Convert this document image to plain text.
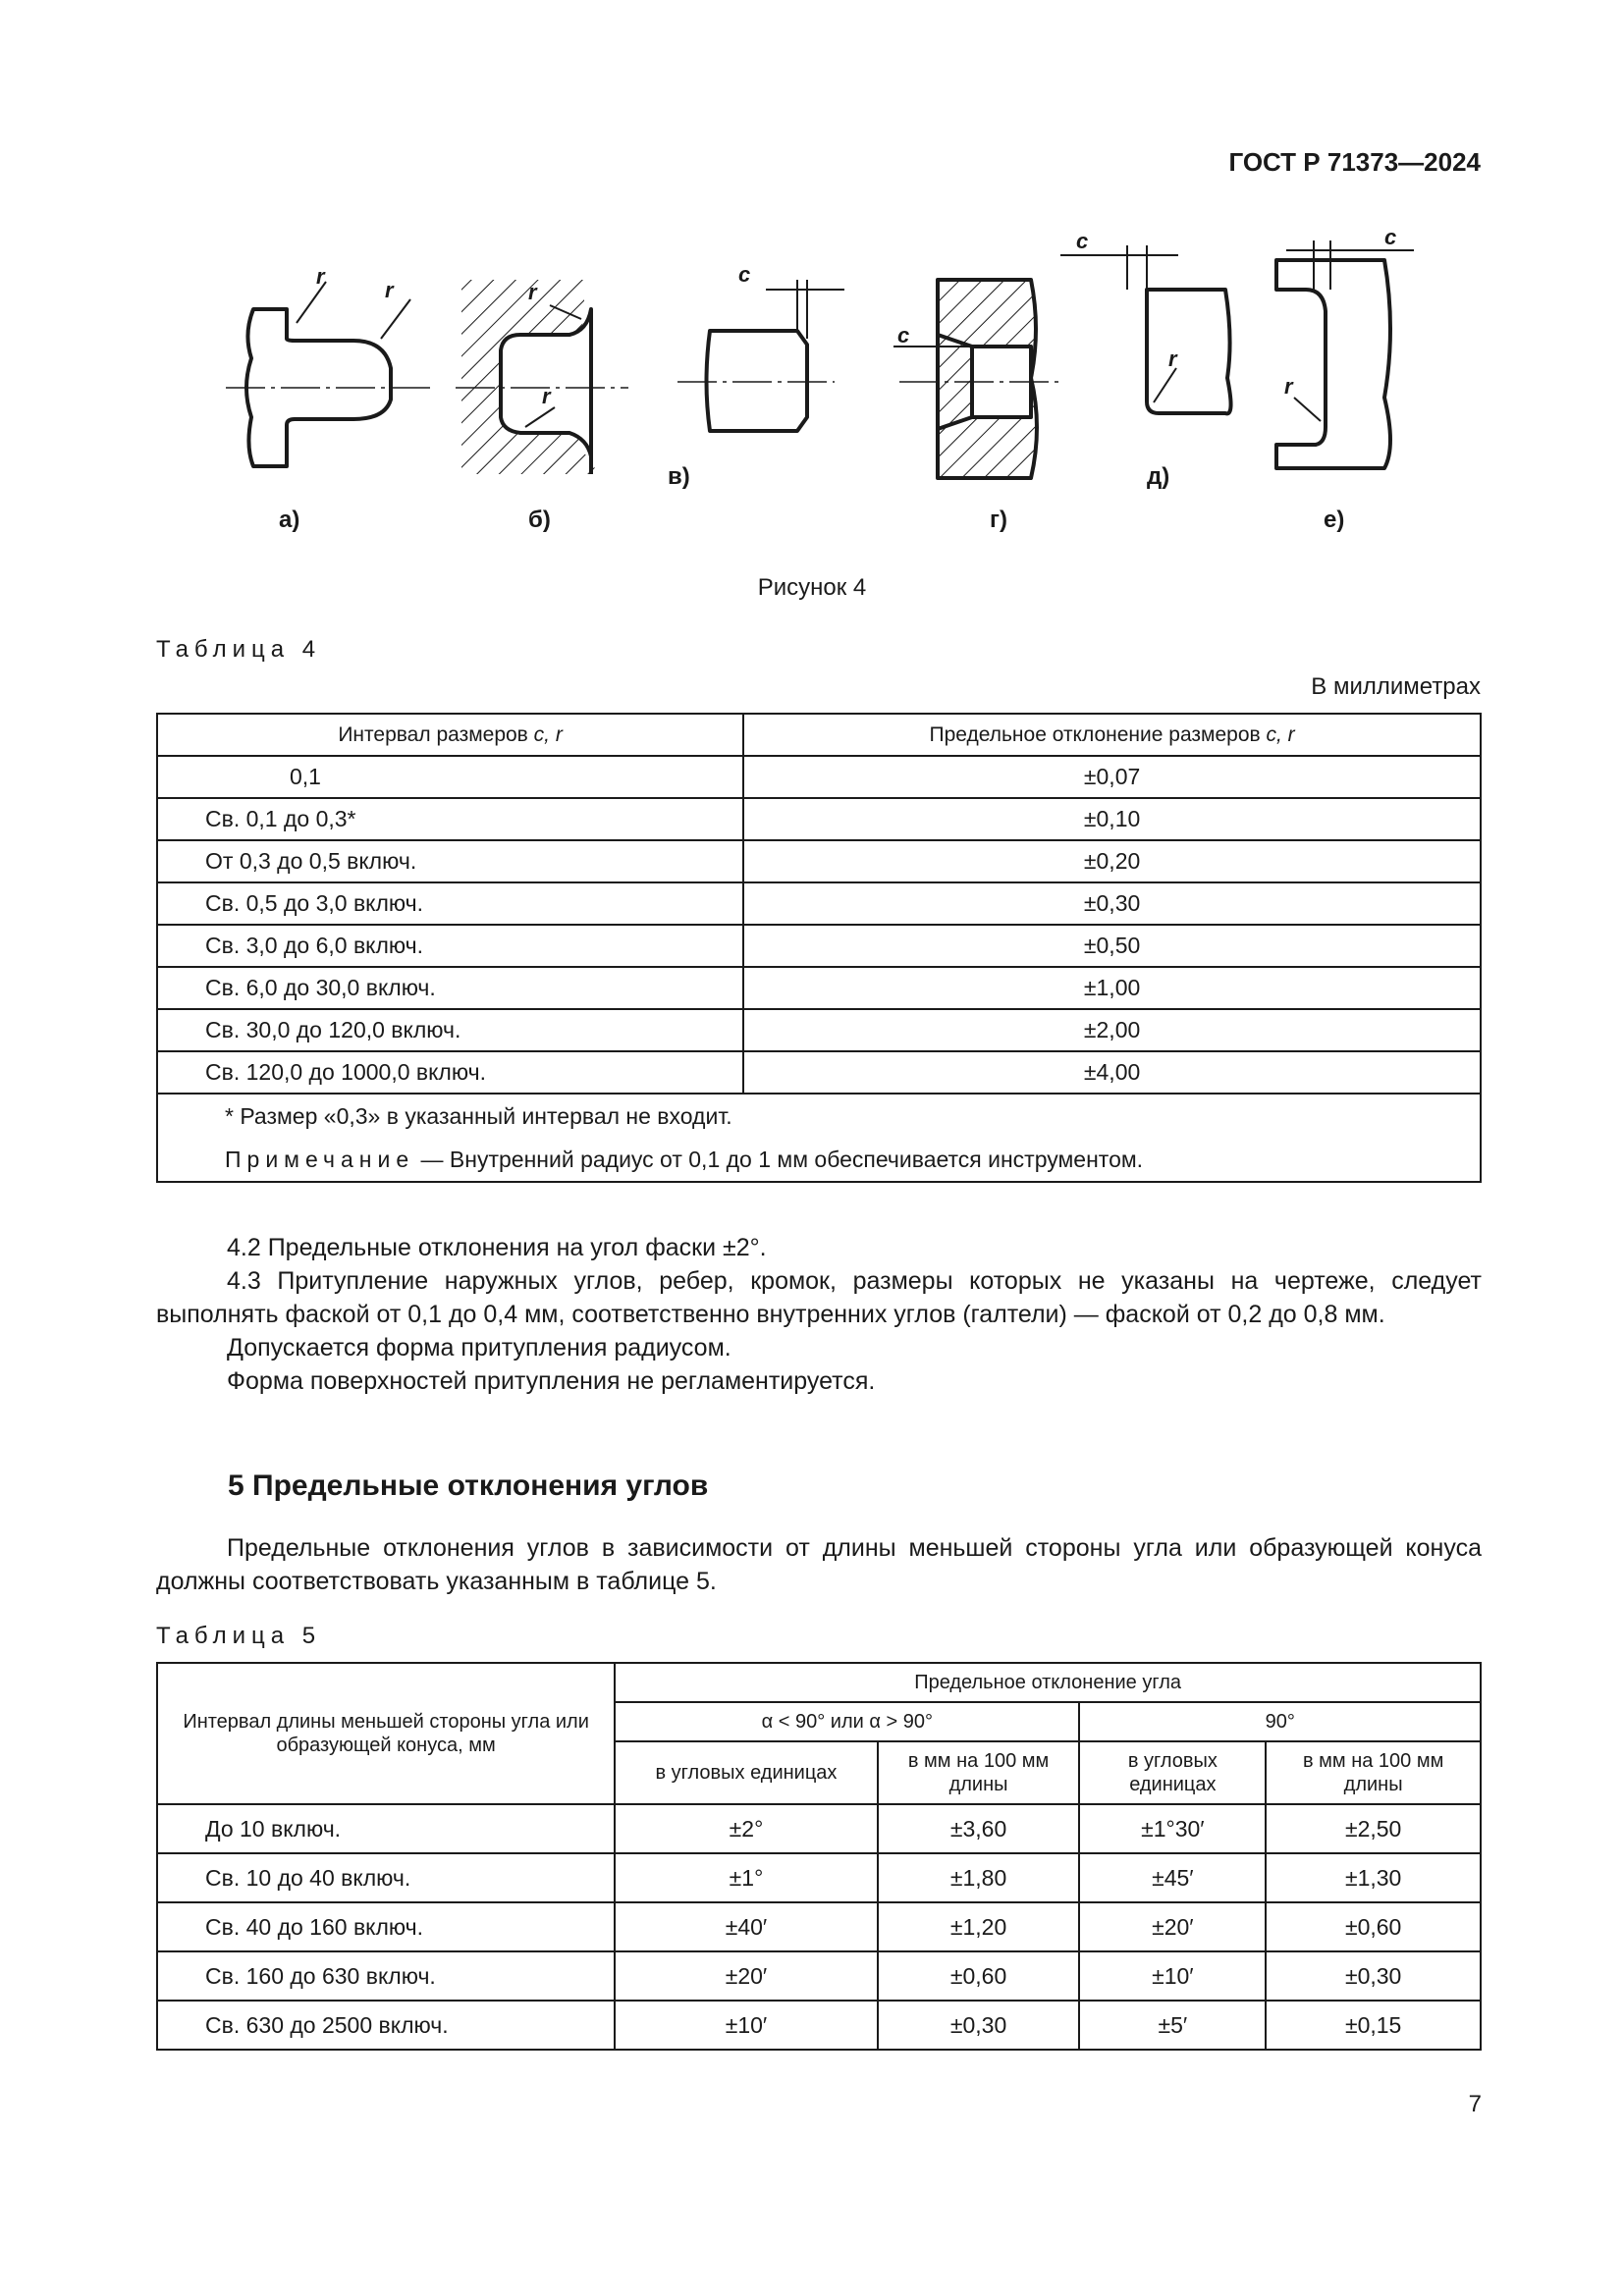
ГОСТ Р 71373—2024
r
r	r
r
c
c
c
r
c
r
в)	д)
а)	б)	г)	е)
Рисунок 4
Таблица 4
В миллиметрах
Интервал размеров c, r	Предельное отклонение размеров c, r
0,1	±0,07
Св. 0,1 до 0,3*	±0,10
От 0,3 до 0,5 включ.	±0,20
Св. 0,5 до 3,0 включ.	±0,30
Св. 3,0 до 6,0 включ.	±0,50
Св. 6,0 до 30,0 включ.	±1,00
Св. 30,0 до 120,0 включ.	±2,00
Св. 120,0 до 1000,0 включ.	±4,00
* Размер «0,3» в указанный интервал не входит.	
Примечание — Внутренний радиус от 0,1 до 1 мм обеспечивается инструментом.	

4.2 Предельные отклонения на угол фаски ±2°.

4.3 Притупление наружных углов, ребер, кромок, размеры которых не указаны на чертеже, следует выполнять фаской от 0,1 до 0,4 мм, соответственно внутренних углов (галтели) — фаской от 0,2 до 0,8 мм.

Допускается форма притупления радиусом.

Форма поверхностей притупления не регламентируется.

5 Предельные отклонения углов

Предельные отклонения углов в зависимости от длины меньшей стороны угла или образующей конуса должны соответствовать указанным в таблице 5.

Таблица 5
Интервал длины меньшей стороны угла или образующей конуса, мм	Предельное отклонение угла			
	α < 90° или α > 90°		90°	
	в угловых единицах	в мм на 100 мм длины	в угловых единицах	в мм на 100 мм длины
До 10 включ.	±2°	±3,60	±1°30′	±2,50
Св. 10 до 40 включ.	±1°	±1,80	±45′	±1,30
Св. 40 до 160 включ.	±40′	±1,20	±20′	±0,60
Св. 160 до 630 включ.	±20′	±0,60	±10′	±0,30
Св. 630 до 2500 включ.	±10′	±0,30	±5′	±0,15
7
